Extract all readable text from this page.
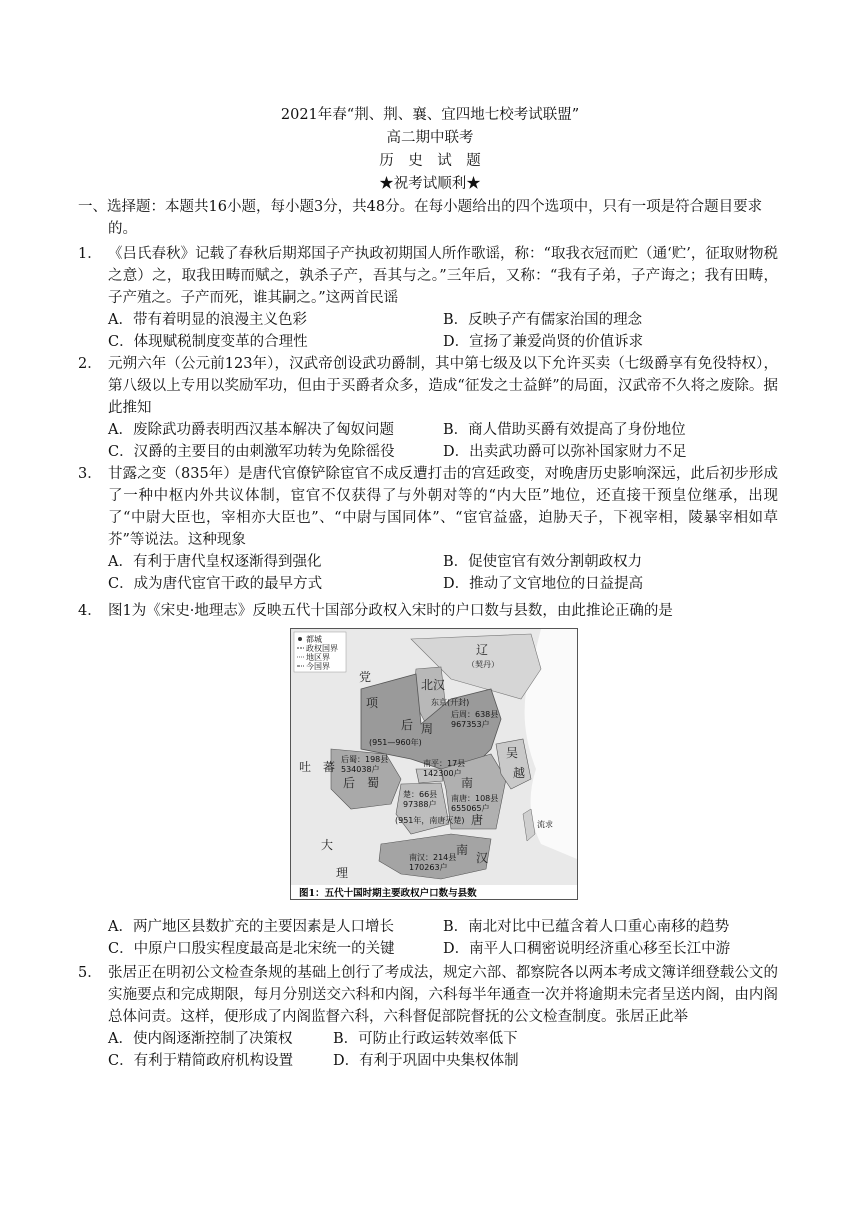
2021年春“荆、荆、襄、宜四地七校考试联盟”
高二期中联考
历　史　试　题
★祝考试顺利★
一、选择题：本题共16小题，每小题3分，共48分。在每小题给出的四个选项中，只有一项是符合题目要求的。
1． 《吕氏春秋》记载了春秋后期郑国子产执政初期国人所作歌谣，称：“取我衣冠而贮（通‘贮’，征取财物税之意）之，取我田畴而赋之，孰杀子产，吾其与之。”三年后，又称：“我有子弟，子产诲之；我有田畴，子产殖之。子产而死，谁其嗣之。”这两首民谣
A．带有着明显的浪漫主义色彩	B．反映子产有儒家治国的理念
C．体现赋税制度变革的合理性	D．宣扬了兼爱尚贤的价值诉求
2． 元朔六年（公元前123年），汉武帝创设武功爵制，其中第七级及以下允许买卖（七级爵享有免役特权），第八级以上专用以奖励军功，但由于买爵者众多，造成“征发之士益鲜”的局面，汉武帝不久将之废除。据此推知
A．废除武功爵表明西汉基本解决了匈奴问题	B．商人借助买爵有效提高了身份地位
C．汉爵的主要目的由刺激军功转为免除徭役	D．出卖武功爵可以弥补国家财力不足
3． 甘露之变（835年）是唐代官僚铲除宦官不成反遭打击的宫廷政变，对晚唐历史影响深远，此后初步形成了一种中枢内外共议体制，宦官不仅获得了与外朝对等的“内大臣”地位，还直接干预皇位继承，出现了“中尉大臣也，宰相亦大臣也”、“中尉与国同体”、“宦官益盛，迫胁天子，下视宰相，陵暴宰相如草芥”等说法。这种现象
A．有利于唐代皇权逐渐得到强化	B．促使宦官有效分割朝政权力
C．成为唐代宦官干政的最早方式	D．推动了文官地位的日益提高
4． 图1为《宋史·地理志》反映五代十国部分政权入宋时的户口数与县数，由此推论正确的是
都城
政权国界
地区界
今国界
辽
（契丹）
北汉
党
项	东京(开封)
后 周
(951—960年)
后周：638县
967353户
吐　蕃
后　蜀
后蜀：198县
534038户
南平：17县
142300户
吴
越
楚：66县
97388户
(951年，南唐灭楚)
南
唐
南唐：108县
655065户
大
理
南汉：214县
170263户
南
汉
流求
图1：五代十国时期主要政权户口数与县数
A．两广地区县数扩充的主要因素是人口增长	B．南北对比中已蕴含着人口重心南移的趋势
C．中原户口殷实程度最高是北宋统一的关键	D．南平人口稠密说明经济重心移至长江中游
5． 张居正在明初公文检查条规的基础上创行了考成法，规定六部、都察院各以两本考成文簿详细登载公文的实施要点和完成期限，每月分别送交六科和内阁，六科每半年通查一次并将逾期未完者呈送内阁，由内阁总体问责。这样，便形成了内阁监督六科，六科督促部院督抚的公文检查制度。张居正此举
A．使内阁逐渐控制了决策权	B．可防止行政运转效率低下
C．有利于精简政府机构设置	D．有利于巩固中央集权体制
